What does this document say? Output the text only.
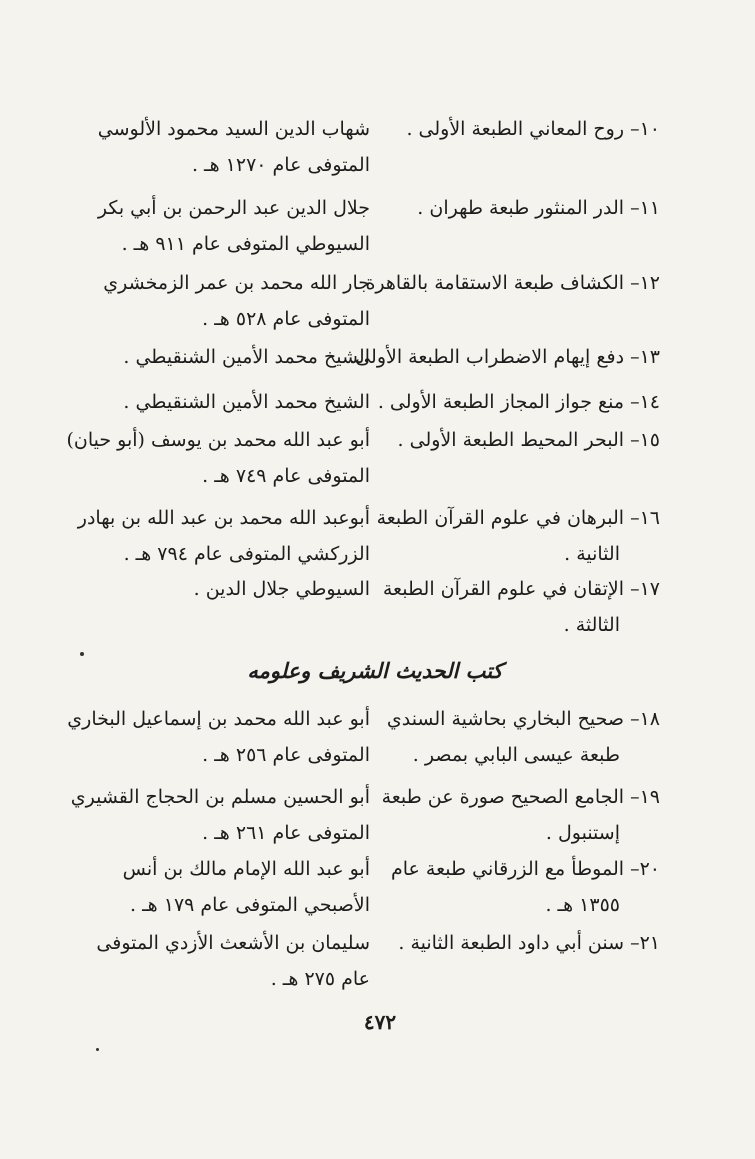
١٠– روح المعاني الطبعة الأولى .
شهاب الدين السيد محمود الألوسي
المتوفى عام ١٢٧٠ هـ .
١١– الدر المنثور طبعة طهران .
جلال الدين عبد الرحمن بن أبي بكر
السيوطي المتوفى عام ٩١١ هـ .
١٢– الكشاف طبعة الاستقامة بالقاهرة .
جار الله محمد بن عمر الزمخشري
المتوفى عام ٥٢٨ هـ .
١٣– دفع إيهام الاضطراب الطبعة الأولى.
الشيخ محمد الأمين الشنقيطي .
١٤– منع جواز المجاز الطبعة الأولى .
الشيخ محمد الأمين الشنقيطي .
١٥– البحر المحيط الطبعة الأولى .
أبو عبد الله محمد بن يوسف (أبو حيان)
المتوفى عام ٧٤٩ هـ .
١٦– البرهان في علوم القرآن الطبعة
أبوعبد الله محمد بن عبد الله بن بهادر
الثانية .
الزركشي المتوفى عام ٧٩٤ هـ .
١٧– الإتقان في علوم القرآن الطبعة
السيوطي جلال الدين .
الثالثة .
١٨– صحيح البخاري بحاشية السندي
أبو عبد الله محمد بن إسماعيل البخاري
طبعة عيسى البابي بمصر .
المتوفى عام ٢٥٦ هـ .
١٩– الجامع الصحيح صورة عن طبعة
أبو الحسين مسلم بن الحجاج القشيري
إستنبول .
المتوفى عام ٢٦١ هـ .
٢٠– الموطأ مع الزرقاني طبعة عام
أبو عبد الله الإمام مالك بن أنس
١٣٥٥ هـ .
الأصبحي المتوفى عام ١٧٩ هـ .
٢١– سنن أبي داود الطبعة الثانية .
سليمان بن الأشعث الأزدي المتوفى
عام ٢٧٥ هـ .
كتب الحديث الشريف وعلومه
٤٧٢
